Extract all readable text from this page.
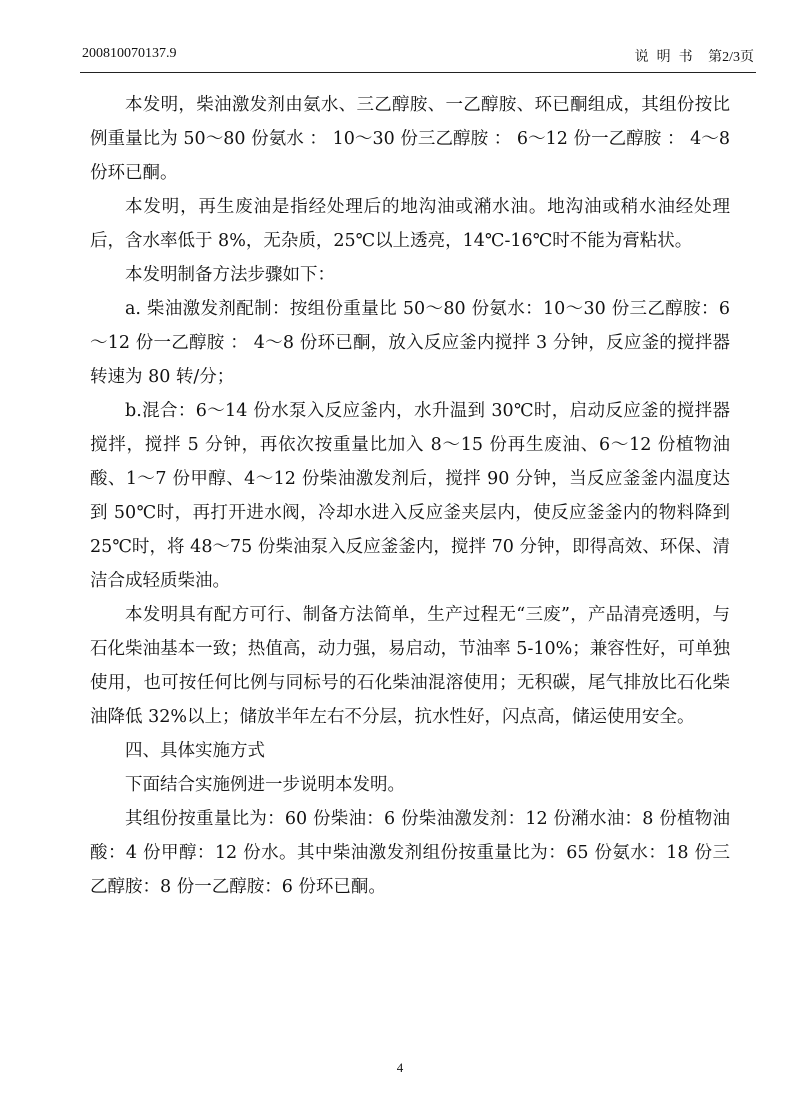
200810070137.9	说明书 第2/3页

本发明，柴油激发剂由氨水、三乙醇胺、一乙醇胺、环已酮组成，其组份按比例重量比为 50～80 份氨水 ： 10～30 份三乙醇胺 ： 6～12 份一乙醇胺 ： 4～8 份环已酮。

本发明，再生废油是指经处理后的地沟油或潲水油。地沟油或稍水油经处理后，含水率低于 8%，无杂质，25℃以上透亮，14℃-16℃时不能为膏粘状。

本发明制备方法步骤如下：

a. 柴油激发剂配制：按组份重量比 50～80 份氨水：10～30 份三乙醇胺：6～12 份一乙醇胺 ： 4～8 份环已酮，放入反应釜内搅拌 3 分钟，反应釜的搅拌器转速为 80 转/分；

b.混合：6～14 份水泵入反应釜内，水升温到 30℃时，启动反应釜的搅拌器搅拌，搅拌 5 分钟，再依次按重量比加入 8～15 份再生废油、6～12 份植物油酸、1～7 份甲醇、4～12 份柴油激发剂后，搅拌 90 分钟，当反应釜釜内温度达到 50℃时，再打开进水阀，冷却水进入反应釜夹层内，使反应釜釜内的物料降到 25℃时，将 48～75 份柴油泵入反应釜釜内，搅拌 70 分钟，即得高效、环保、清洁合成轻质柴油。

本发明具有配方可行、制备方法简单，生产过程无“三废”，产品清亮透明，与石化柴油基本一致；热值高，动力强，易启动，节油率 5-10%；兼容性好，可单独使用，也可按任何比例与同标号的石化柴油混溶使用；无积碳，尾气排放比石化柴油降低 32%以上；储放半年左右不分层，抗水性好，闪点高，储运使用安全。

四、具体实施方式

下面结合实施例进一步说明本发明。

其组份按重量比为：60 份柴油：6 份柴油激发剂：12 份潲水油：8 份植物油酸：4 份甲醇：12 份水。其中柴油激发剂组份按重量比为：65 份氨水：18 份三乙醇胺：8 份一乙醇胺：6 份环已酮。

4
